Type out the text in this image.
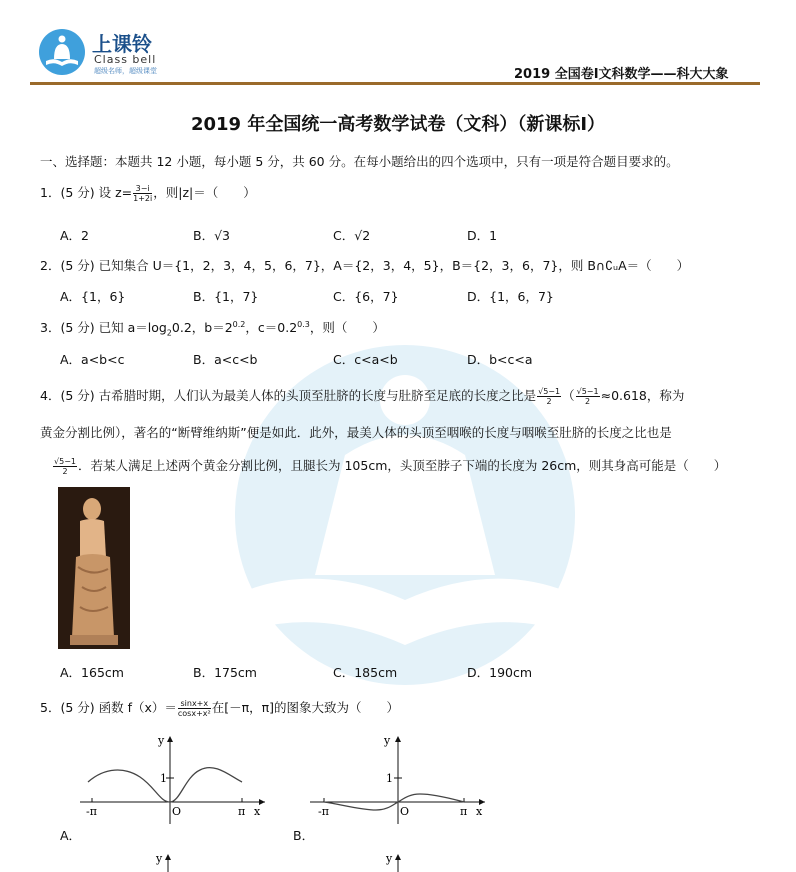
上课铃
Class bell
超级名师，超级课堂	2019 全国卷Ⅰ文科数学——科大大象
2019 年全国统一高考数学试卷（文科）（新课标Ⅰ）
一、选择题：本题共 12 小题，每小题 5 分，共 60 分。在每小题给出的四个选项中，只有一项是符合题目要求的。
1．(5 分) 设 $z= \frac{3-i}{1+2i}$ ，则|z|＝（　　）
A．2	B．√3	C．√2	D．1
2．(5 分) 已知集合 U＝{1，2，3，4，5，6，7}，A＝{2，3，4，5}，B＝{2，3，6，7}，则 B∩∁ᵤA＝（　　）
A．{1，6}	B．{1，7}	C．{6，7}	D．{1，6，7}
3．(5 分) 已知 $a=\log_20.2$，$b=2^{0.2}$，$c=0.2^{0.3}$，则（　　）
A．a<b<c	B．a<c<b	C．c<a<b	D．b<c<a
4．(5 分) 古希腊时期，人们认为最美人体的头顶至肚脐的长度与肚脐至足底的长度之比是 $\frac{√5-1}{2}$ （ $\frac{√5-1}{2} \approx 0.618$，称为
黄金分割比例），著名的“断臂维纳斯”便是如此．此外，最美人体的头顶至咽喉的长度与咽喉至肚脐的长度之比也是
$\frac{√5-1}{2}$ ．若某人满足上述两个黄金分割比例，且腿长为 105cm，头顶至脖子下端的长度为 26cm，则其身高可能是（　　）
A．165cm	B．175cm	C．185cm	D．190cm
5．(5 分) 函数 $f(x)= \frac{\sin x+x}{\text{cosx+x²}}$ 在[－π，π]的图象大致为（　　）
y
1
-π	O	π x
A．
y
1
-π	O	π x
B．
y	y
